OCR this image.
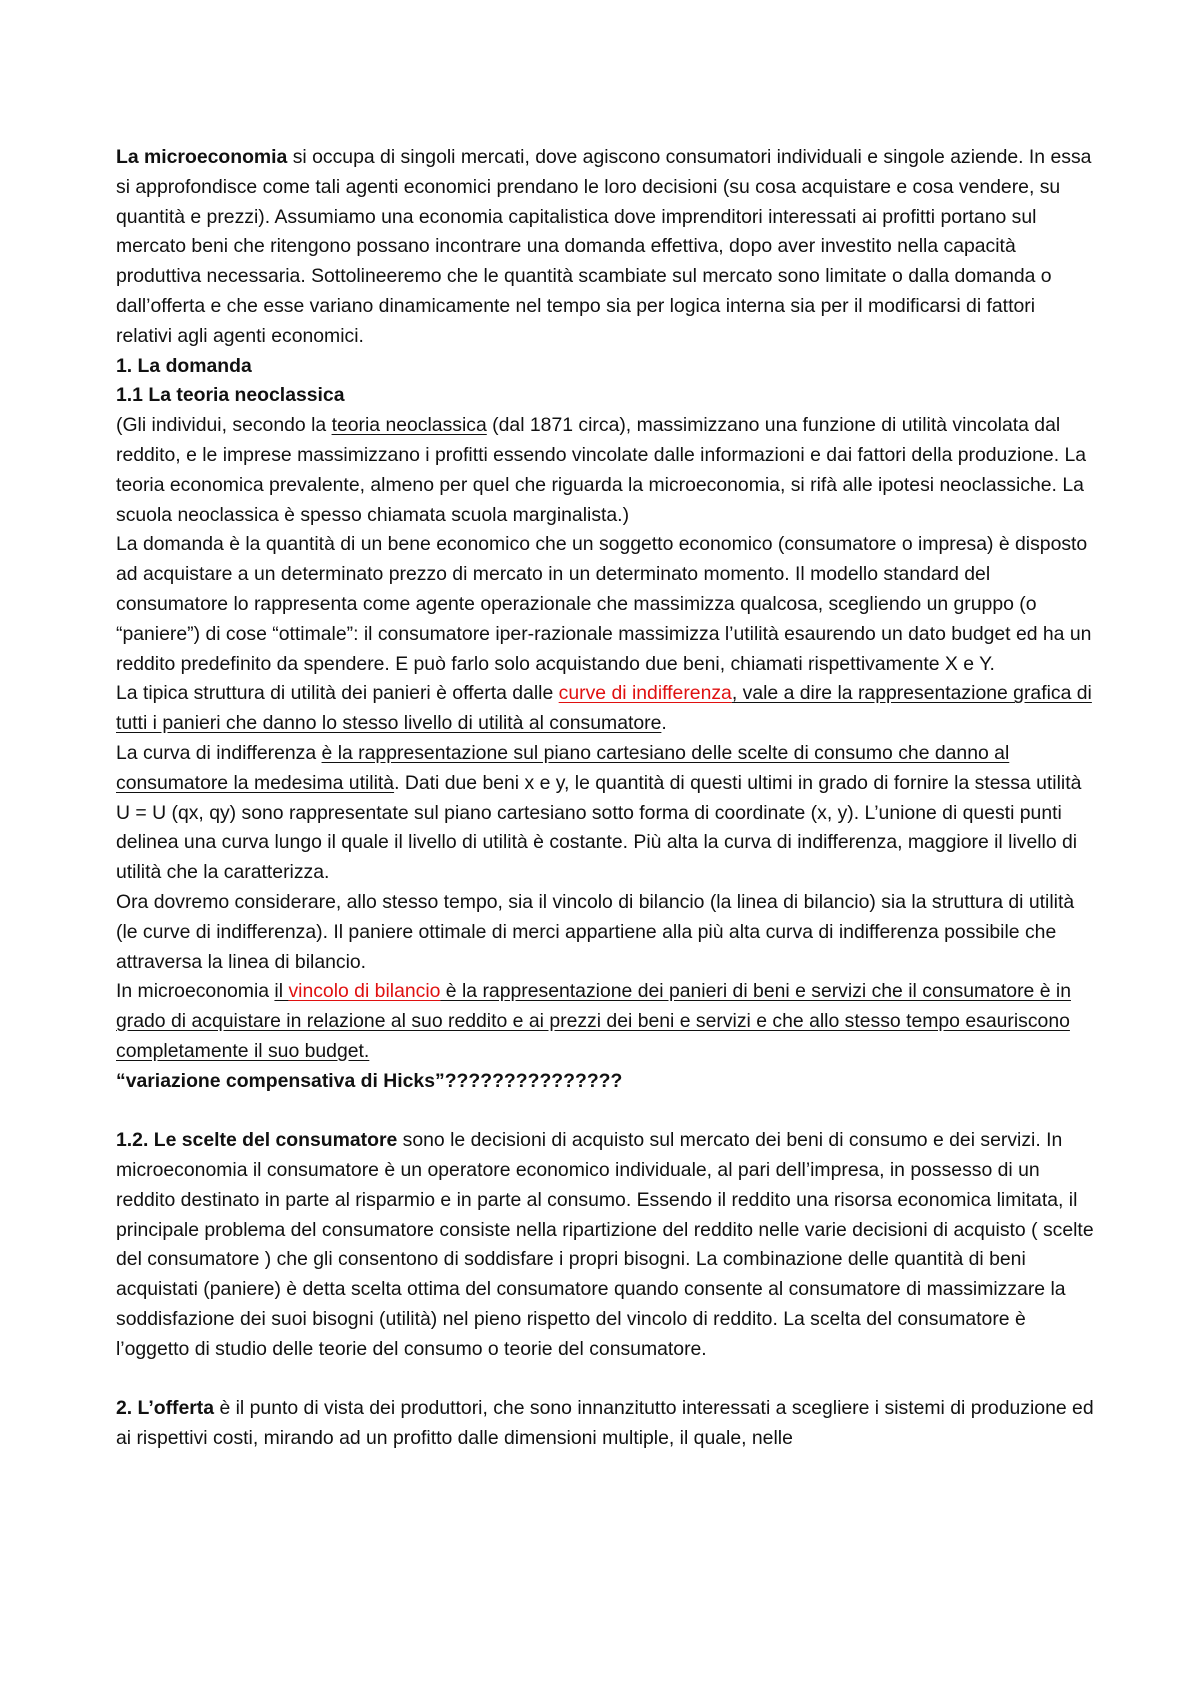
La microeconomia si occupa di singoli mercati, dove agiscono consumatori individuali e singole aziende. In essa si approfondisce come tali agenti economici prendano le loro decisioni (su cosa acquistare e cosa vendere, su quantità e prezzi). Assumiamo una economia capitalistica dove imprenditori interessati ai profitti portano sul mercato beni che ritengono possano incontrare una domanda effettiva, dopo aver investito nella capacità produttiva necessaria. Sottolineeremo che le quantità scambiate sul mercato sono limitate o dalla domanda o dall’offerta e che esse variano dinamicamente nel tempo sia per logica interna sia per il modificarsi di fattori relativi agli agenti economici.

1. La domanda

1.1 La teoria neoclassica

(Gli individui, secondo la teoria neoclassica (dal 1871 circa), massimizzano una funzione di utilità vincolata dal reddito, e le imprese massimizzano i profitti essendo vincolate dalle informazioni e dai fattori della produzione. La teoria economica prevalente, almeno per quel che riguarda la microeconomia, si rifà alle ipotesi neoclassiche. La scuola neoclassica è spesso chiamata scuola marginalista.)

La domanda è la quantità di un bene economico che un soggetto economico (consumatore o impresa) è disposto ad acquistare a un determinato prezzo di mercato in un determinato momento. Il modello standard del consumatore lo rappresenta come agente operazionale che massimizza qualcosa, scegliendo un gruppo (o “paniere”) di cose “ottimale”: il consumatore iper-razionale massimizza l’utilità esaurendo un dato budget ed ha un reddito predefinito da spendere. E può farlo solo acquistando due beni, chiamati rispettivamente X e Y.

La tipica struttura di utilità dei panieri è offerta dalle curve di indifferenza, vale a dire la rappresentazione grafica di tutti i panieri che danno lo stesso livello di utilità al consumatore.

La curva di indifferenza è la rappresentazione sul piano cartesiano delle scelte di consumo che danno al consumatore la medesima utilità. Dati due beni x e y, le quantità di questi ultimi in grado di fornire la stessa utilità U = U (qx, qy) sono rappresentate sul piano cartesiano sotto forma di coordinate (x, y). L’unione di questi punti delinea una curva lungo il quale il livello di utilità è costante. Più alta la curva di indifferenza, maggiore il livello di utilità che la caratterizza.

Ora dovremo considerare, allo stesso tempo, sia il vincolo di bilancio (la linea di bilancio) sia la struttura di utilità (le curve di indifferenza). Il paniere ottimale di merci appartiene alla più alta curva di indifferenza possibile che attraversa la linea di bilancio.

In microeconomia il vincolo di bilancio è la rappresentazione dei panieri di beni e servizi che il consumatore è in grado di acquistare in relazione al suo reddito e ai prezzi dei beni e servizi e che allo stesso tempo esauriscono completamente il suo budget.

“variazione compensativa di Hicks”???????????????

1.2. Le scelte del consumatore sono le decisioni di acquisto sul mercato dei beni di consumo e dei servizi. In microeconomia il consumatore è un operatore economico individuale, al pari dell’impresa, in possesso di un reddito destinato in parte al risparmio e in parte al consumo. Essendo il reddito una risorsa economica limitata, il principale problema del consumatore consiste nella ripartizione del reddito nelle varie decisioni di acquisto ( scelte del consumatore ) che gli consentono di soddisfare i propri bisogni. La combinazione delle quantità di beni acquistati (paniere) è detta scelta ottima del consumatore quando consente al consumatore di massimizzare la soddisfazione dei suoi bisogni (utilità) nel pieno rispetto del vincolo di reddito. La scelta del consumatore è l’oggetto di studio delle teorie del consumo o teorie del consumatore.

2. L’offerta è il punto di vista dei produttori, che sono innanzitutto interessati a scegliere i sistemi di produzione ed ai rispettivi costi, mirando ad un profitto dalle dimensioni multiple, il quale, nelle
